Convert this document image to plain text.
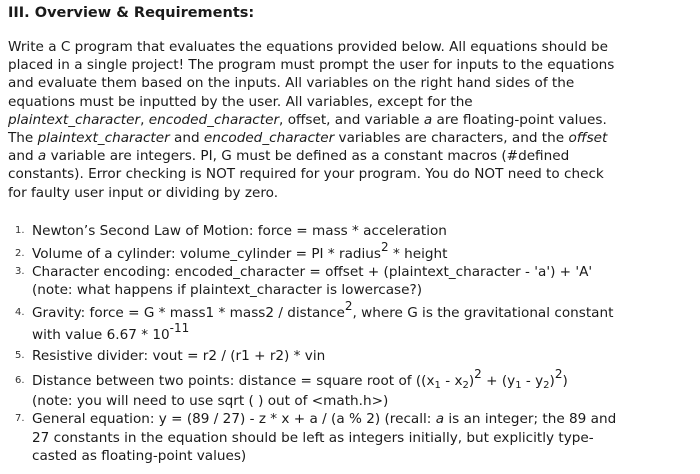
III. Overview & Requirements:
Write a C program that evaluates the equations provided below. All equations should be
placed in a single project! The program must prompt the user for inputs to the equations
and evaluate them based on the inputs. All variables on the right hand sides of the
equations must be inputted by the user. All variables, except for the
plaintext_character, encoded_character, offset, and variable a are floating-point values.
The plaintext_character and encoded_character variables are characters, and the offset
and a variable are integers. PI, G must be defined as a constant macros (#defined
constants). Error checking is NOT required for your program. You do NOT need to check
for faulty user input or dividing by zero.
1. Newton’s Second Law of Motion: force = mass * acceleration
2. Volume of a cylinder: volume_cylinder = PI * radius$^2$ * height
3. Character encoding: encoded_character = offset + (plaintext_character - 'a') + 'A'
(note: what happens if plaintext_character is lowercase?)
4. Gravity: force = G * mass1 * mass2 / distance$^2$, where G is the gravitational constant
with value $6.67 * 10^{-11}$
5. Resistive divider: vout = r2 / (r1 + r2) * vin
6. Distance between two points: distance = square root of $((x_1 - x_2)^2 + (y_1 - y_2)^2)$
(note: you will need to use sqrt ( ) out of <math.h>)
7. General equation: y = (89 / 27) - z * x + a / (a % 2) (recall: a is an integer; the 89 and
27 constants in the equation should be left as integers initially, but explicitly type-
casted as floating-point values)
